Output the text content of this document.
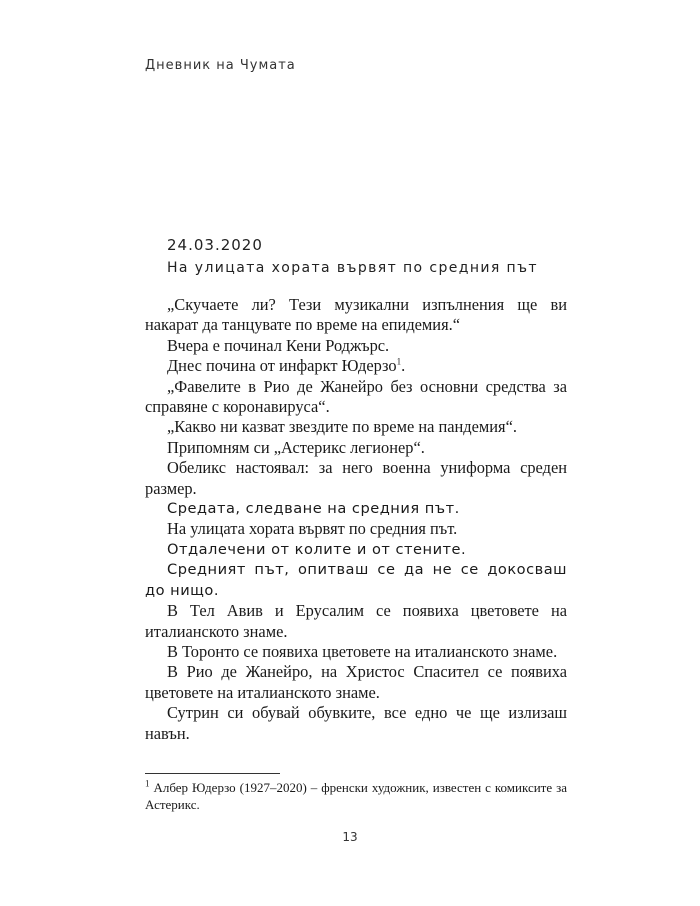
Дневник на Чумата
24.03.2020
На улицата хората вървят по средния път

„Скучаете ли? Тези музикални изпълнения ще ви накарат да танцувате по време на епидемия.“

Вчера е починал Кени Роджърс.

Днес почина от инфаркт Юдерзо$^1$.

„Фавелите в Рио де Жанейро без основни средства за справяне с коронавируса“.

„Какво ни казват звездите по време на пандемия“.

Припомням си „Астерикс легионер“.

Обеликс настоявал: за него военна униформа среден размер.

Средата, следване на средния път.

На улицата хората вървят по средния път.

Отдалечени от колите и от стените.

Средният път, опитваш се да не се докосваш до нищо.

В Тел Авив и Ерусалим се появиха цветовете на италианското знаме.

В Торонто се появиха цветовете на италианското знаме.

В Рио де Жанейро, на Христос Спасител се появиха цветовете на италианското знаме.

Сутрин си обувай обувките, все едно че ще излизаш навън.

$^1$ Албер Юдерзо (1927–2020) – френски художник, известен с комиксите за Астерикс.
13
